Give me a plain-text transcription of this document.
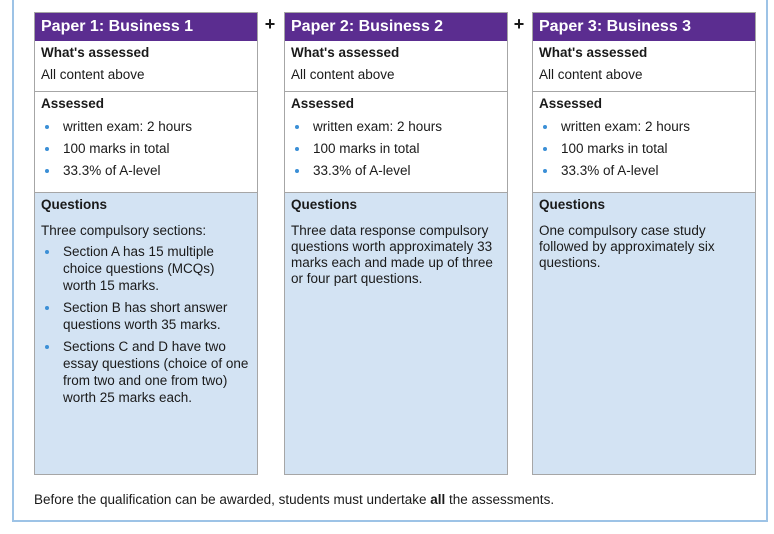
Paper 1: Business 1
What's assessed
All content above
Assessed
written exam: 2 hours
100 marks in total
33.3% of A-level
Questions
Three compulsory sections:
Section A has 15 multiple choice questions (MCQs) worth 15 marks.
Section B has short answer questions worth 35 marks.
Sections C and D have two essay questions (choice of one from two and one from two) worth 25 marks each.
+ Paper 2: Business 2
What's assessed
All content above
Assessed
written exam: 2 hours
100 marks in total
33.3% of A-level
Questions
Three data response compulsory questions worth approximately 33 marks each and made up of three or four part questions.
+ Paper 3: Business 3
What's assessed
All content above
Assessed
written exam: 2 hours
100 marks in total
33.3% of A-level
Questions
One compulsory case study followed by approximately six questions.
Before the qualification can be awarded, students must undertake all the assessments.
